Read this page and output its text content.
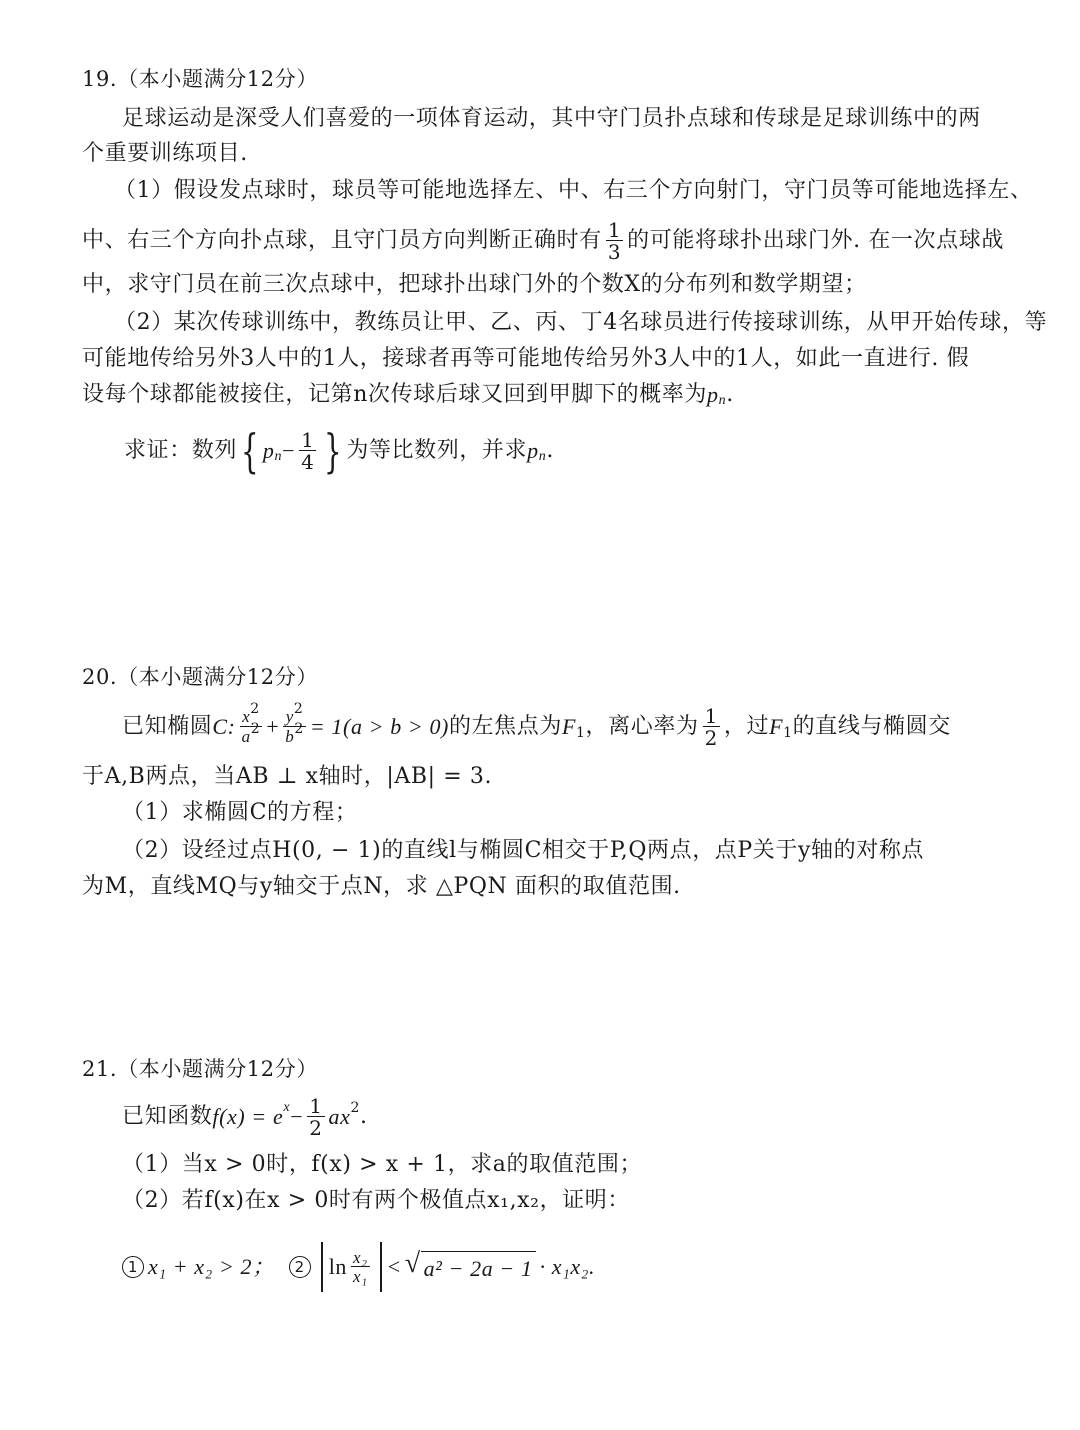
19.（本小题满分12分）
足球运动是深受人们喜爱的一项体育运动，其中守门员扑点球和传球是足球训练中的两
个重要训练项目.
（1）假设发点球时，球员等可能地选择左、中、右三个方向射门，守门员等可能地选择左、
中、右三个方向扑点球，且守门员方向判断正确时有 $\frac{1}{3}$ 的可能将球扑出球门外. 在一次点球战
中，求守门员在前三次点球中，把球扑出球门外的个数X的分布列和数学期望；
（2）某次传球训练中，教练员让甲、乙、丙、丁4名球员进行传接球训练，从甲开始传球，等
可能地传给另外3人中的1人，接球者再等可能地传给另外3人中的1人，如此一直进行. 假
设每个球都能被接住，记第n次传球后球又回到甲脚下的概率为 p n .
求证：数列 { p $n - \frac{1}{4}$ } 为等比数列，并求 p n .
20.（本小题满分12分）
已知椭圆 C: $\frac{x^2}{a^2} + \frac{y^2}{b^2} = 1(a > b > 0)$ 的左焦点为 F 1 ，离心率为 $\frac{1}{2}$ ，过 F 1 的直线与椭圆交
于A,B两点，当AB ⊥ x轴时，|AB| = 3.
（1）求椭圆C的方程；
（2）设经过点H(0, − 1)的直线l与椭圆C相交于P,Q两点，点P关于y轴的对称点
为M，直线MQ与y轴交于点N，求 △PQN 面积的取值范围.
21.（本小题满分12分）
已知函数 f(x) = e $x - \frac{1}{2}$ ax 2 .
（1）当x > 0时，f(x) > x + 1，求a的取值范围；
（2）若f(x)在x > 0时有两个极值点x₁,x₂，证明：
1 x₁ + x₂ > 2；	2 $\ln \frac{\text{x₂}}{\text{x₁}}$ < √ a² − 2a − 1 · x₁x₂.
